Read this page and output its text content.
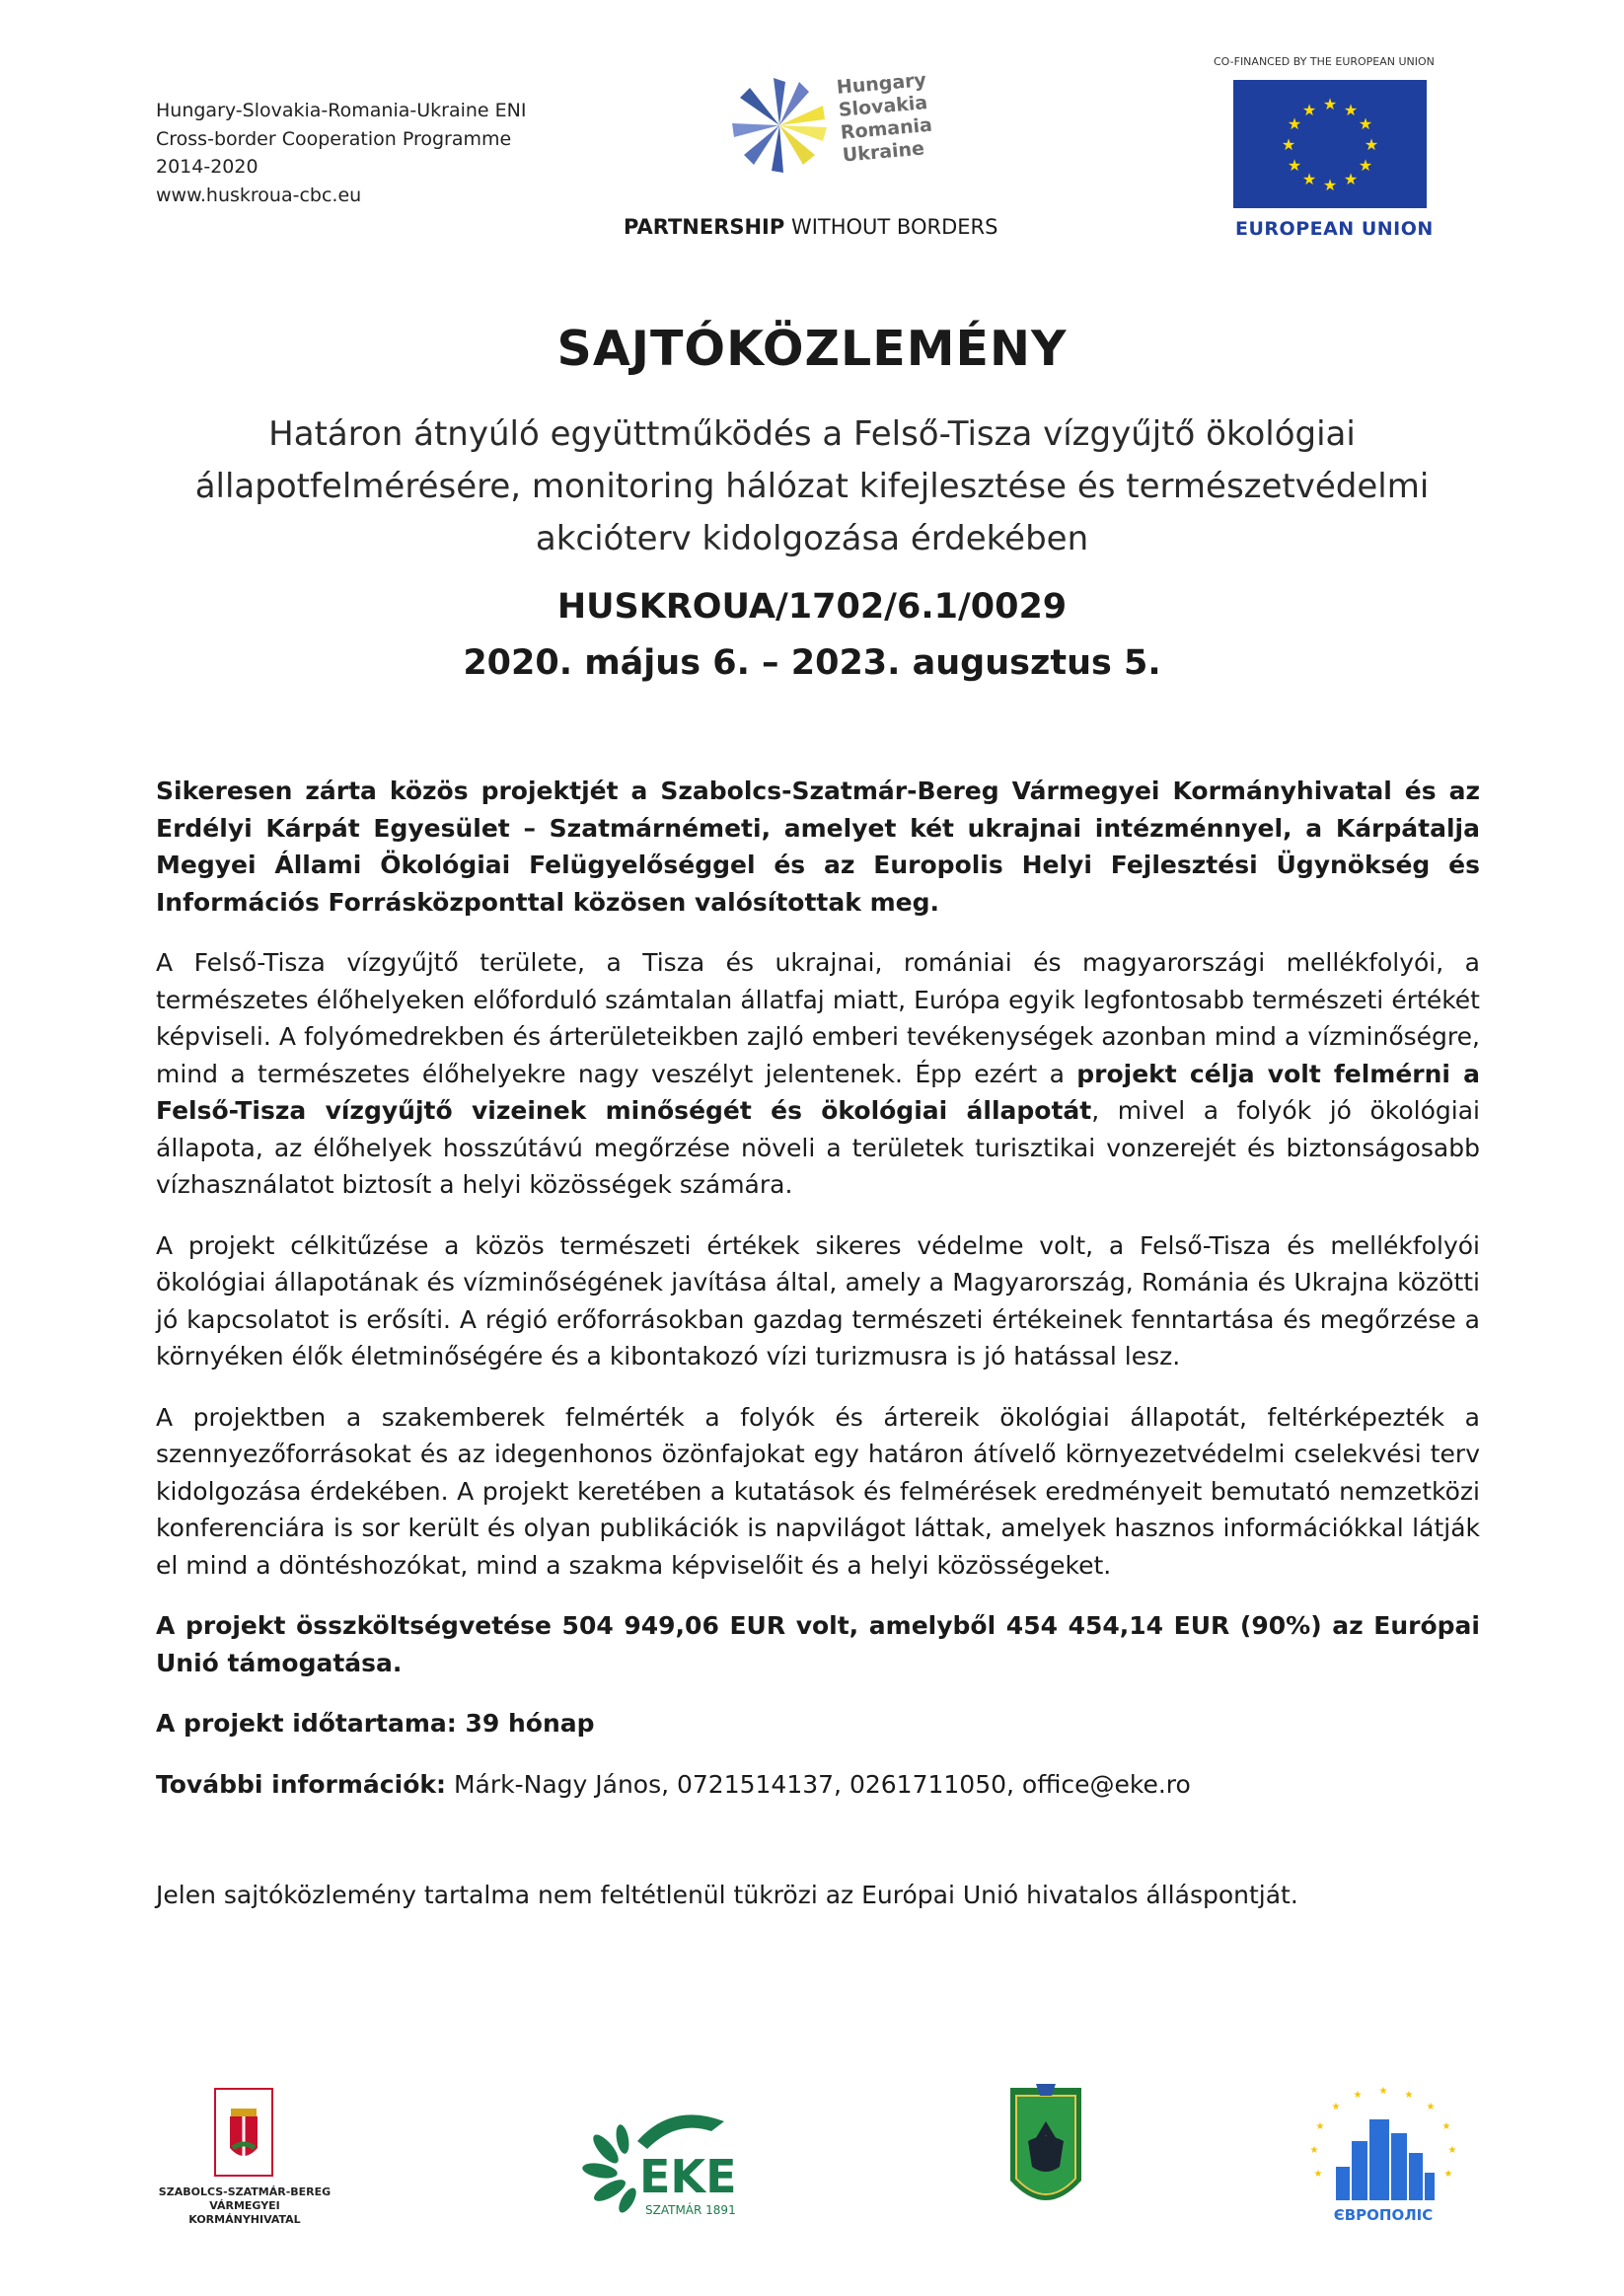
Hungary-Slovakia-Romania-Ukraine ENI
Cross-border Cooperation Programme
2014-2020
www.huskroua-cbc.eu
Hungary
Slovakia
Romania
Ukraine
PARTNERSHIP WITHOUT BORDERS
CO-FINANCED BY THE EUROPEAN UNION
★ ★
★
★
★
★
★
★
★
★
★
★
EUROPEAN UNION
SAJTÓKÖZLEMÉNY
Határon átnyúló együttműködés a Felső-Tisza vízgyűjtő ökológiai állapotfelmérésére, monitoring hálózat kifejlesztése és természetvédelmi akcióterv kidolgozása érdekében
HUSKROUA/1702/6.1/0029
2020. május 6. – 2023. augusztus 5.

Sikeresen zárta közös projektjét a Szabolcs-Szatmár-Bereg Vármegyei Kormányhivatal és az Erdélyi Kárpát Egyesület – Szatmárnémeti, amelyet két ukrajnai intézménnyel, a Kárpátalja Megyei Állami Ökológiai Felügyelőséggel és az Europolis Helyi Fejlesztési Ügynökség és Információs Forrásközponttal közösen valósítottak meg.

A Felső-Tisza vízgyűjtő területe, a Tisza és ukrajnai, romániai és magyarországi mellékfolyói, a természetes élőhelyeken előforduló számtalan állatfaj miatt, Európa egyik legfontosabb természeti értékét képviseli. A folyómedrekben és árterületeikben zajló emberi tevékenységek azonban mind a vízminőségre, mind a természetes élőhelyekre nagy veszélyt jelentenek. Épp ezért a projekt célja volt felmérni a Felső-Tisza vízgyűjtő vizeinek minőségét és ökológiai állapotát, mivel a folyók jó ökológiai állapota, az élőhelyek hosszútávú megőrzése növeli a területek turisztikai vonzerejét és biztonságosabb vízhasználatot biztosít a helyi közösségek számára.

A projekt célkitűzése a közös természeti értékek sikeres védelme volt, a Felső-Tisza és mellékfolyói ökológiai állapotának és vízminőségének javítása által, amely a Magyarország, Románia és Ukrajna közötti jó kapcsolatot is erősíti. A régió erőforrásokban gazdag természeti értékeinek fenntartása és megőrzése a környéken élők életminőségére és a kibontakozó vízi turizmusra is jó hatással lesz.

A projektben a szakemberek felmérték a folyók és ártereik ökológiai állapotát, feltérképezték a szennyezőforrásokat és az idegenhonos özönfajokat egy határon átívelő környezetvédelmi cselekvési terv kidolgozása érdekében. A projekt keretében a kutatások és felmérések eredményeit bemutató nemzetközi konferenciára is sor került és olyan publikációk is napvilágot láttak, amelyek hasznos információkkal látják el mind a döntéshozókat, mind a szakma képviselőit és a helyi közösségeket.

A projekt összköltségvetése 504 949,06 EUR volt, amelyből 454 454,14 EUR (90%) az Európai Unió támogatása.

A projekt időtartama: 39 hónap

További információk: Márk-Nagy János, 0721514137, 0261711050, office@eke.ro

Jelen sajtóközlemény tartalma nem feltétlenül tükrözi az Európai Unió hivatalos álláspontját.
SZABOLCS-SZATMÁR-BEREG
VÁRMEGYEI
KORMÁNYHIVATAL
EKE
SZATMÁR 1891
★ ★
★
★
★
★
★
★
★
★
★
ЄВРОПОЛІС
